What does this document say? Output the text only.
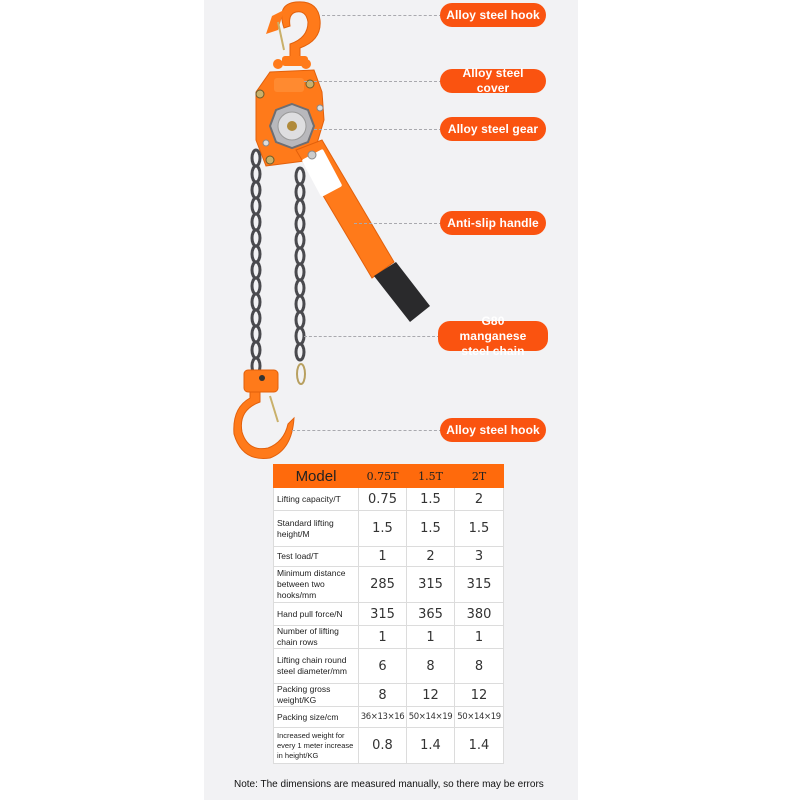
Alloy steel hook
Alloy steel cover
Alloy steel gear
Anti-slip handle
G80 manganese steel chain
Alloy steel hook
Model	0.75T	1.5T	2T
Lifting capacity/T	0.75	1.5	2
Standard lifting height/M	1.5	1.5	1.5
Test load/T	1	2	3
Minimum distance between two hooks/mm	285	315	315
Hand pull force/N	315	365	380
Number of lifting chain rows	1	1	1
Lifting chain round steel diameter/mm	6	8	8
Packing gross weight/KG	8	12	12
Packing size/cm	36×13×16	50×14×19	50×14×19
Increased weight for every 1 meter increase in height/KG	0.8	1.4	1.4
Note: The dimensions are measured manually, so there may be errors
